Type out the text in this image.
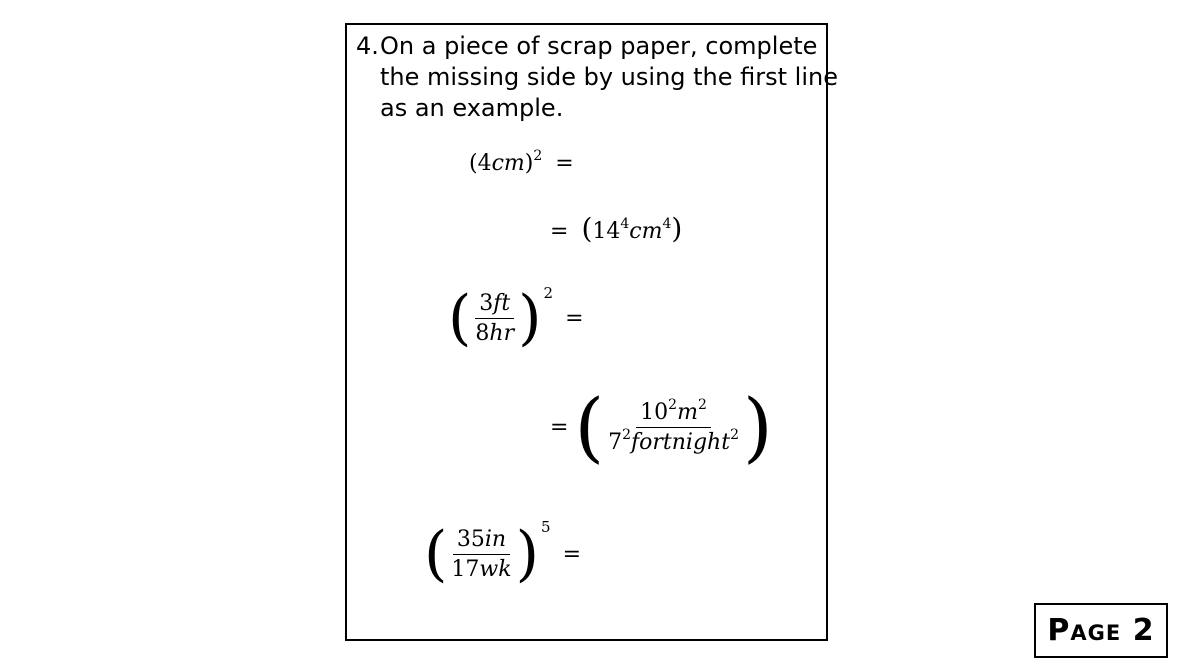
4. On a piece of scrap paper, complete
the missing side by using the first line
as an example.
$(4cm)^2$ =
= $(14^4cm^4)$
( $\frac{3ft}{8hr}$ ) 2
=
= ( $\frac{10^2m^2}{7^2fortnight^2}$ )
( $\frac{35in}{17wk}$ ) 5
=
Page 2
